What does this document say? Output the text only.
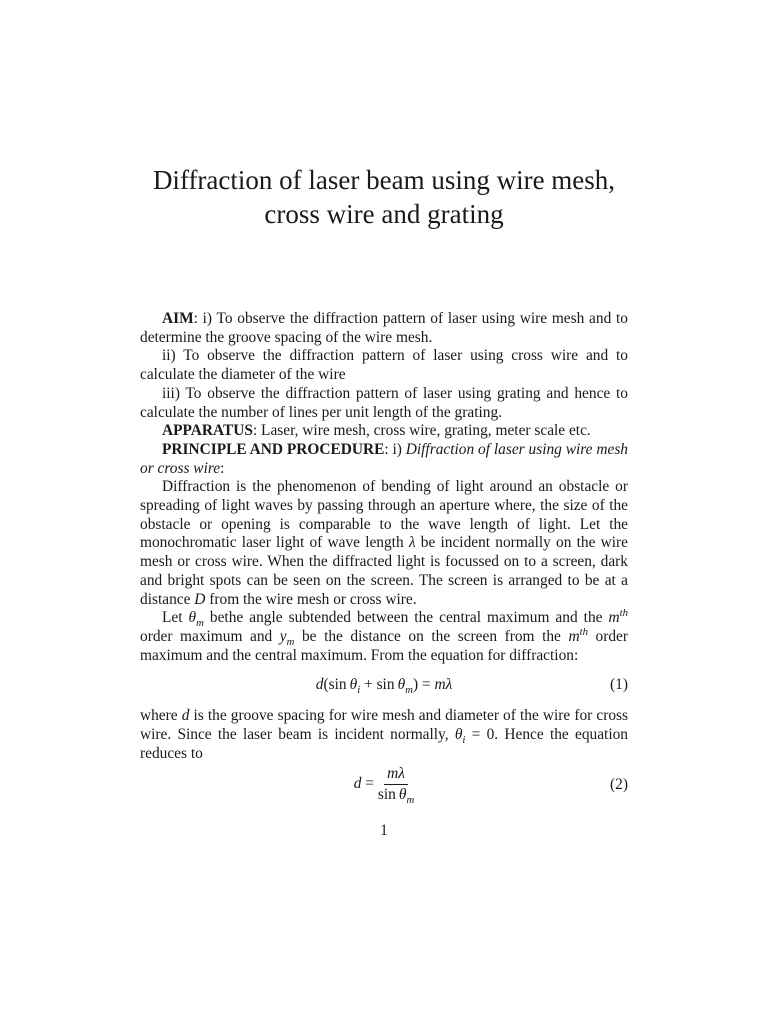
Diffraction of laser beam using wire mesh,
cross wire and grating

AIM: i) To observe the diffraction pattern of laser using wire mesh and to determine the groove spacing of the wire mesh.

ii) To observe the diffraction pattern of laser using cross wire and to calculate the diameter of the wire

iii) To observe the diffraction pattern of laser using grating and hence to calculate the number of lines per unit length of the grating.

APPARATUS: Laser, wire mesh, cross wire, grating, meter scale etc.

PRINCIPLE AND PROCEDURE: i) Diffraction of laser using wire mesh or cross wire:

Diffraction is the phenomenon of bending of light around an obstacle or spreading of light waves by passing through an aperture where, the size of the obstacle or opening is comparable to the wave length of light. Let the monochromatic laser light of wave length λ be incident normally on the wire mesh or cross wire. When the diffracted light is focussed on to a screen, dark and bright spots can be seen on the screen. The screen is arranged to be at a distance D from the wire mesh or cross wire.

Let $\theta_m$ bethe angle subtended between the central maximum and the $m^{th}$ order maximum and $y_m$ be the distance on the screen from the $m^{th}$ order maximum and the central maximum. From the equation for diffraction:

d(sin $\theta_i + \sin \theta_m) = m\lambda$	(1)

where d is the groove spacing for wire mesh and diameter of the wire for cross wire. Since the laser beam is incident normally, $\theta_i = 0$. Hence the equation reduces to

$d = \frac{m\lambda}{\sin \theta_m}$	(2)
1
